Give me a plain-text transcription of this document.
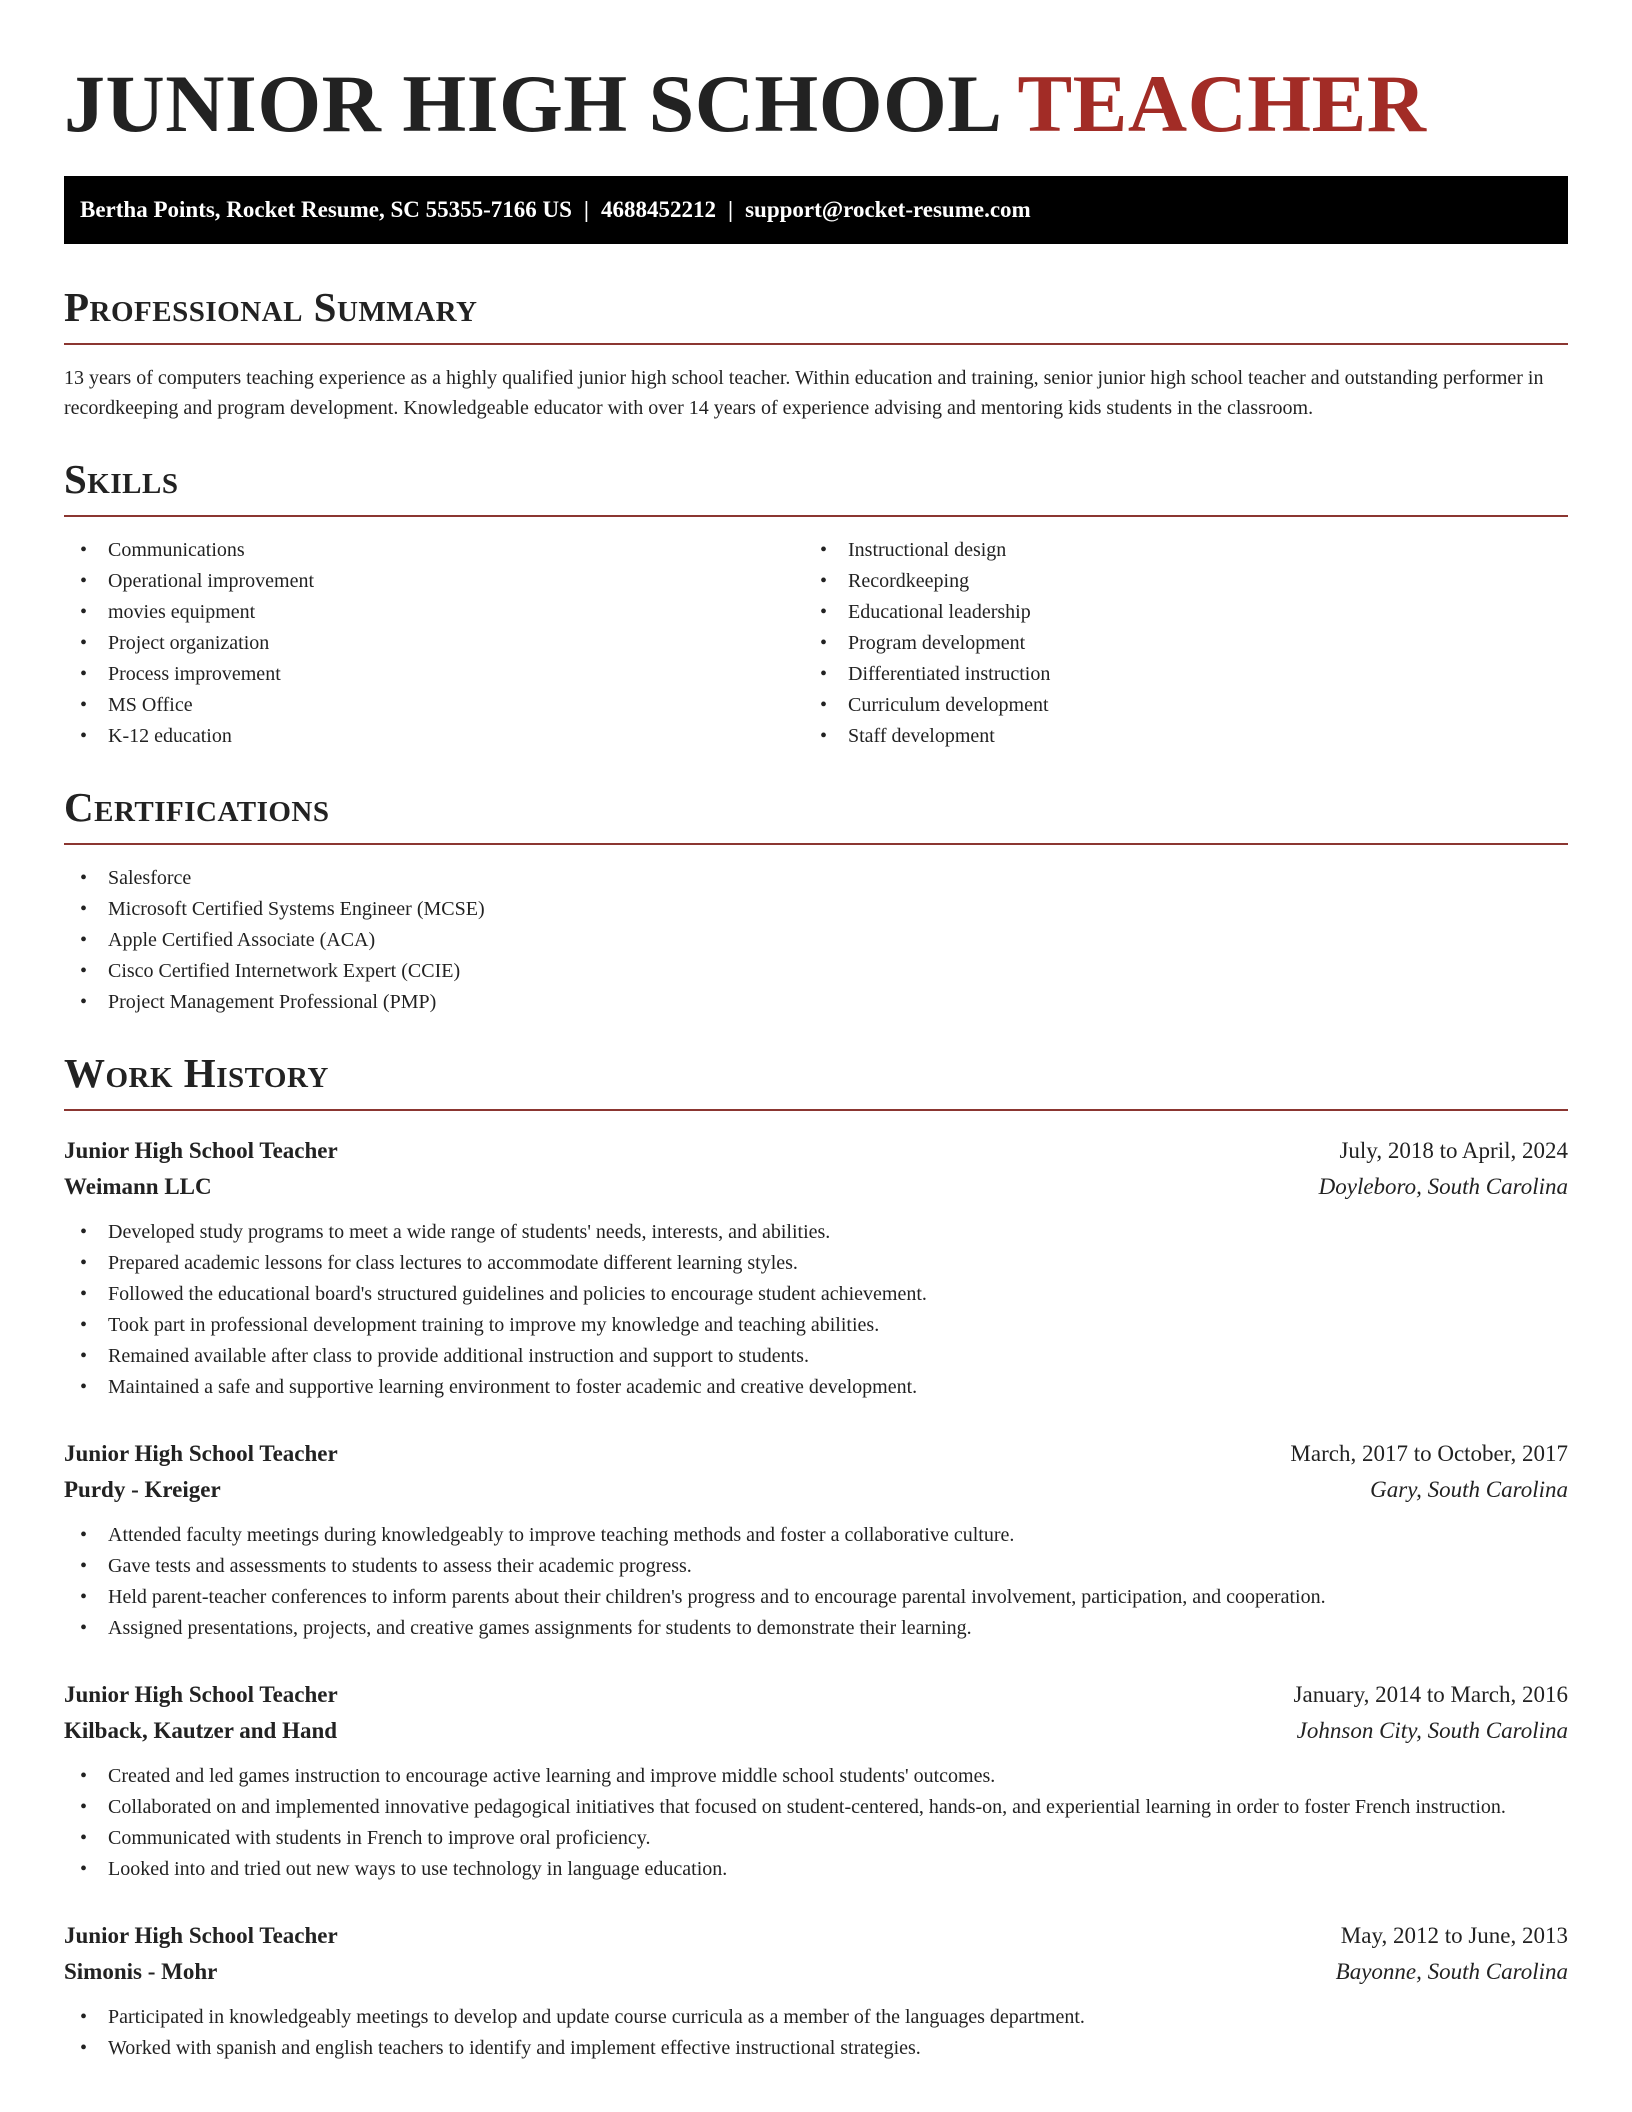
JUNIOR HIGH SCHOOL TEACHER
Bertha Points, Rocket Resume, SC 55355-7166 US | 4688452212 | support@rocket-resume.com
Professional Summary

13 years of computers teaching experience as a highly qualified junior high school teacher. Within education and training, senior junior high school teacher and outstanding performer in recordkeeping and program development. Knowledgeable educator with over 14 years of experience advising and mentoring kids students in the classroom.

Skills
• Communications
• Operational improvement
• movies equipment
• Project organization
• Process improvement
• MS Office
• K-12 education
• Instructional design
• Recordkeeping
• Educational leadership
• Program development
• Differentiated instruction
• Curriculum development
• Staff development
Certifications
• Salesforce
• Microsoft Certified Systems Engineer (MCSE)
• Apple Certified Associate (ACA)
• Cisco Certified Internetwork Expert (CCIE)
• Project Management Professional (PMP)
Work History
Junior High School Teacher	July, 2018 to April, 2024
Weimann LLC	Doyleboro, South Carolina
• Developed study programs to meet a wide range of students' needs, interests, and abilities.
• Prepared academic lessons for class lectures to accommodate different learning styles.
• Followed the educational board's structured guidelines and policies to encourage student achievement.
• Took part in professional development training to improve my knowledge and teaching abilities.
• Remained available after class to provide additional instruction and support to students.
• Maintained a safe and supportive learning environment to foster academic and creative development.
Junior High School Teacher	March, 2017 to October, 2017
Purdy - Kreiger	Gary, South Carolina
• Attended faculty meetings during knowledgeably to improve teaching methods and foster a collaborative culture.
• Gave tests and assessments to students to assess their academic progress.
• Held parent-teacher conferences to inform parents about their children's progress and to encourage parental involvement, participation, and cooperation.
• Assigned presentations, projects, and creative games assignments for students to demonstrate their learning.
Junior High School Teacher	January, 2014 to March, 2016
Kilback, Kautzer and Hand	Johnson City, South Carolina
• Created and led games instruction to encourage active learning and improve middle school students' outcomes.
• Collaborated on and implemented innovative pedagogical initiatives that focused on student-centered, hands-on, and experiential learning in order to foster French instruction.
• Communicated with students in French to improve oral proficiency.
• Looked into and tried out new ways to use technology in language education.
Junior High School Teacher	May, 2012 to June, 2013
Simonis - Mohr	Bayonne, South Carolina
• Participated in knowledgeably meetings to develop and update course curricula as a member of the languages department.
• Worked with spanish and english teachers to identify and implement effective instructional strategies.
